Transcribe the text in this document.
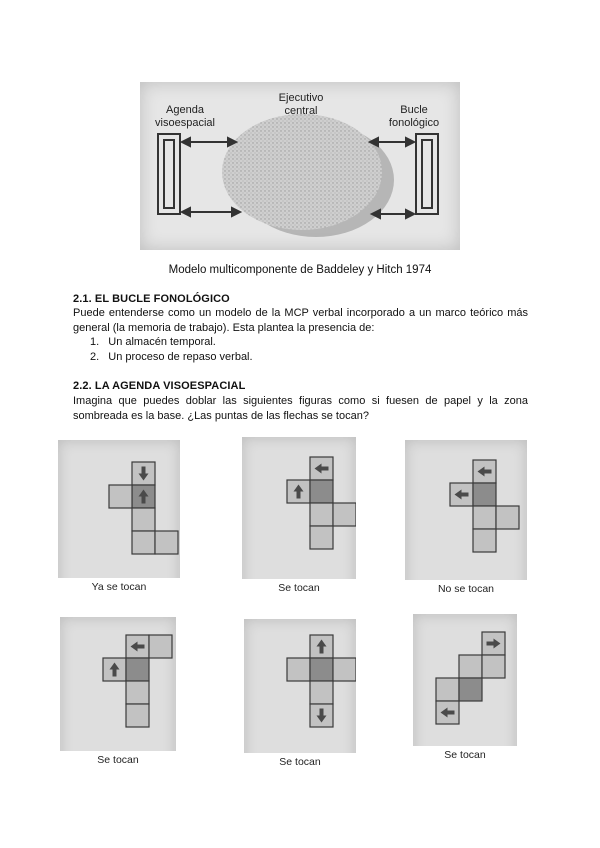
Agenda
visoespacial
Ejecutivo
central	Bucle
fonológico
Modelo multicomponente de Baddeley y Hitch 1974
2.1. EL BUCLE FONOLÓGICO
Puede entenderse como un modelo de la MCP verbal incorporado a un marco teórico más general (la memoria de trabajo). Esta plantea la presencia de:
1. Un almacén temporal.
2. Un proceso de repaso verbal.
2.2. LA AGENDA VISOESPACIAL
Imagina que puedes doblar las siguientes figuras como si fuesen de papel y la zona sombreada es la base. ¿Las puntas de las flechas se tocan?
Ya se tocan	Se tocan	No se tocan
Se tocan	Se tocan
Se tocan
